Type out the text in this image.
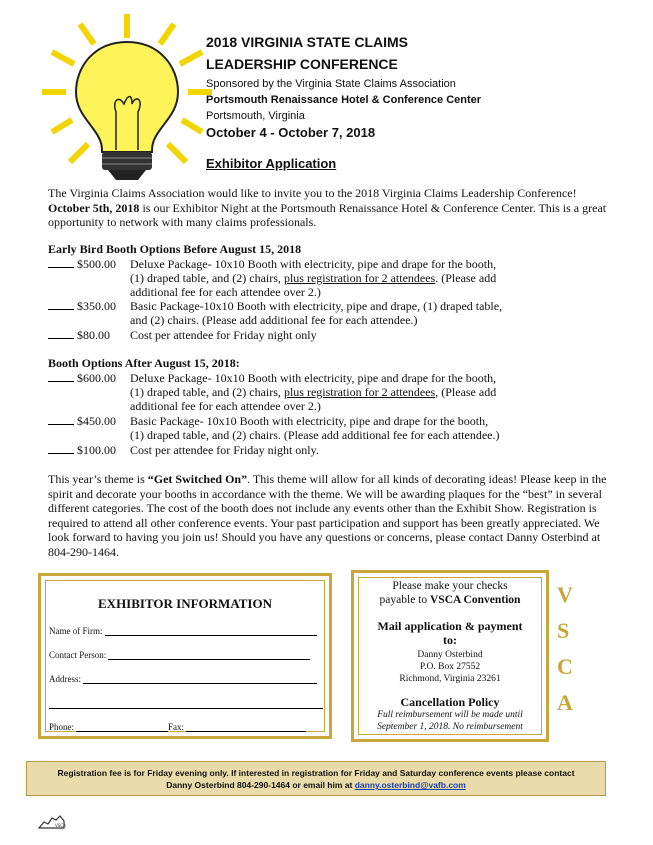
2018 VIRGINIA STATE CLAIMS
LEADERSHIP CONFERENCE
Sponsored by the Virginia State Claims Association
Portsmouth Renaissance Hotel & Conference Center
Portsmouth, Virginia
October 4 - October 7, 2018
Exhibitor Application
The Virginia Claims Association would like to invite you to the 2018 Virginia Claims Leadership Conference! October 5th, 2018 is our Exhibitor Night at the Portsmouth Renaissance Hotel & Conference Center. This is a great opportunity to network with many claims professionals.
Early Bird Booth Options Before August 15, 2018
$500.00 Deluxe Package- 10x10 Booth with electricity, pipe and drape for the booth,
(1) draped table, and (2) chairs, plus registration for 2 attendees. (Please add
additional fee for each attendee over 2.)
$350.00 Basic Package-10x10 Booth with electricity, pipe and drape, (1) draped table,
and (2) chairs. (Please add additional fee for each attendee.)
$80.00 Cost per attendee for Friday night only
Booth Options After August 15, 2018:
$600.00 Deluxe Package- 10x10 Booth with electricity, pipe and drape for the booth,
(1) draped table, and (2) chairs, plus registration for 2 attendees, (Please add
additional fee for each attendee over 2.)
$450.00 Basic Package- 10x10 Booth with electricity, pipe and drape for the booth,
(1) draped table, and (2) chairs. (Please add additional fee for each attendee.)
$100.00 Cost per attendee for Friday night only.
This year’s theme is “Get Switched On”. This theme will allow for all kinds of decorating ideas! Please keep in the spirit and decorate your booths in accordance with the theme. We will be awarding plaques for the “best” in several different categories. The cost of the booth does not include any events other than the Exhibit Show. Registration is required to attend all other conference events. Your past participation and support has been greatly appreciated. We look forward to having you join us! Should you have any questions or concerns, please contact Danny Osterbind at 804-290-1464.
EXHIBITOR INFORMATION
Name of Firm:
Contact Person:
Address:
Phone:	Fax:
Please make your checks
payable to VSCA Convention
Mail application & payment
to:
Danny Osterbind
P.O. Box 27552
Richmond, Virginia 23261
Cancellation Policy
Full reimbursement will be made until
September 1, 2018. No reimbursement
V
S
C
A
Registration fee is for Friday evening only. If interested in registration for Friday and Saturday conference events please contact
Danny Osterbind 804-290-1464 or email him at danny.osterbind@vafb.com
VSCA
